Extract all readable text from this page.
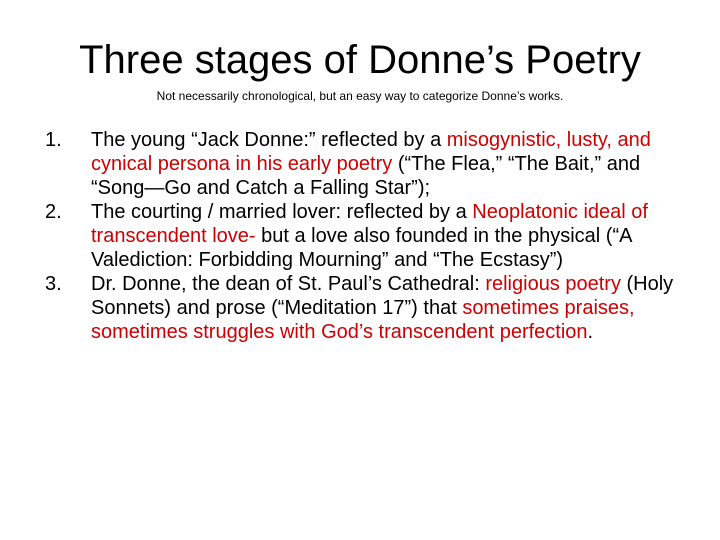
Three stages of Donne’s Poetry
Not necessarily chronological, but an easy way to categorize Donne’s works.
1.	The young “Jack Donne:” reflected by a misogynistic, lusty, and cynical persona in his early poetry (“The Flea,” “The Bait,” and “Song—Go and Catch a Falling Star”);
2.	The courting / married lover: reflected by a Neoplatonic ideal of transcendent love- but a love also founded in the physical (“A Valediction: Forbidding Mourning” and “The Ecstasy”)
3.	Dr. Donne, the dean of St. Paul’s Cathedral: religious poetry (Holy Sonnets) and prose (“Meditation 17”) that sometimes praises, sometimes struggles with God’s transcendent perfection.
